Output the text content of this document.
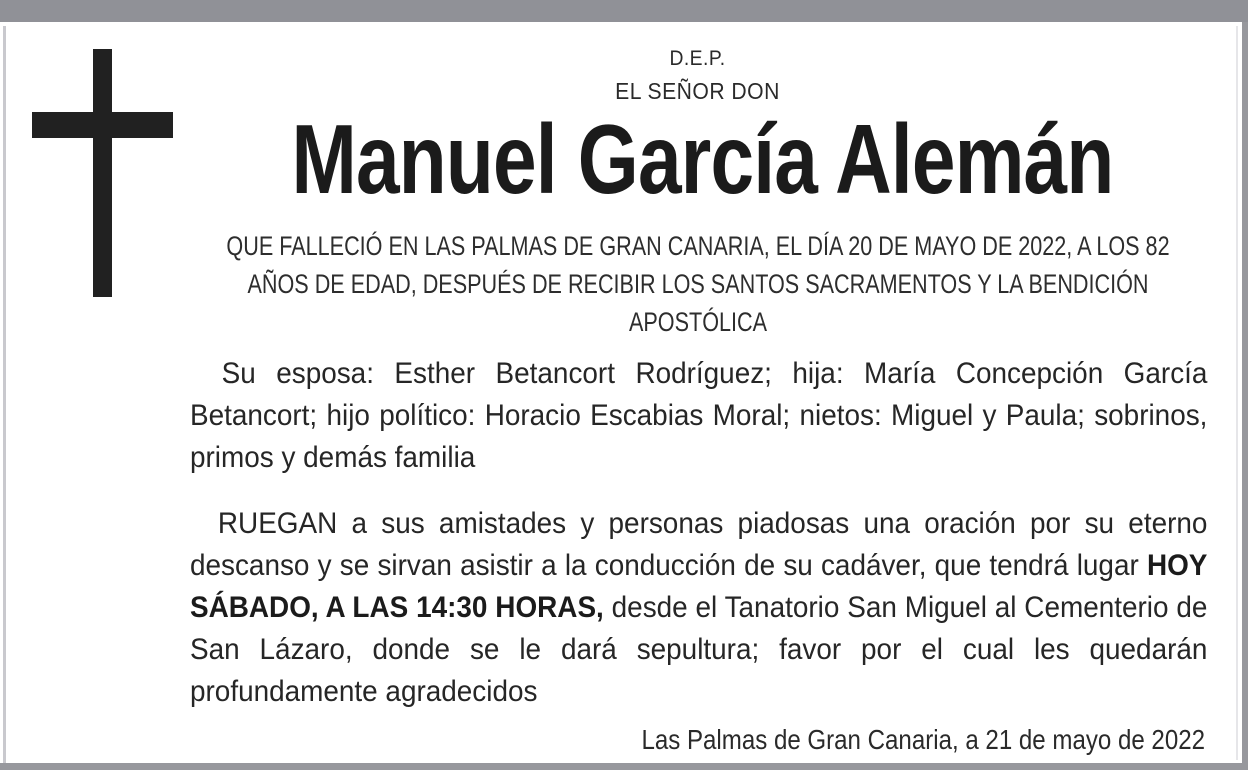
D.E.P.
EL SEÑOR DON
Manuel García Alemán

QUE FALLECIÓ EN LAS PALMAS DE GRAN CANARIA, EL DÍA 20 DE MAYO DE 2022, A LOS 82 AÑOS DE EDAD, DESPUÉS DE RECIBIR LOS SANTOS SACRAMENTOS Y LA BENDICIÓN APOSTÓLICA

Su esposa: Esther Betancort Rodríguez; hija: María Concepción García Betancort; hijo político: Horacio Escabias Moral; nietos: Miguel y Paula; sobrinos, primos y demás familia

RUEGAN a sus amistades y personas piadosas una oración por su eterno descanso y se sirvan asistir a la conducción de su cadáver, que tendrá lugar HOY SÁBADO, A LAS 14:30 HORAS, desde el Tanatorio San Miguel al Cementerio de San Lázaro, donde se le dará sepultura; favor por el cual les quedarán profundamente agradecidos

Las Palmas de Gran Canaria, a 21 de mayo de 2022
